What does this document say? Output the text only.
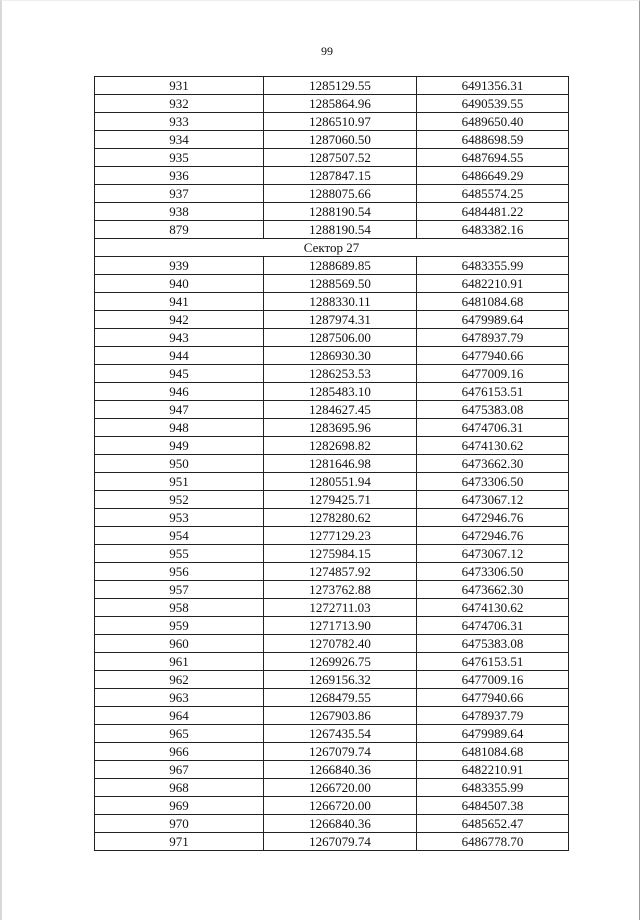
99
931	1285129.55	6491356.31
932	1285864.96	6490539.55
933	1286510.97	6489650.40
934	1287060.50	6488698.59
935	1287507.52	6487694.55
936	1287847.15	6486649.29
937	1288075.66	6485574.25
938	1288190.54	6484481.22
879	1288190.54	6483382.16
Сектор 27		
939	1288689.85	6483355.99
940	1288569.50	6482210.91
941	1288330.11	6481084.68
942	1287974.31	6479989.64
943	1287506.00	6478937.79
944	1286930.30	6477940.66
945	1286253.53	6477009.16
946	1285483.10	6476153.51
947	1284627.45	6475383.08
948	1283695.96	6474706.31
949	1282698.82	6474130.62
950	1281646.98	6473662.30
951	1280551.94	6473306.50
952	1279425.71	6473067.12
953	1278280.62	6472946.76
954	1277129.23	6472946.76
955	1275984.15	6473067.12
956	1274857.92	6473306.50
957	1273762.88	6473662.30
958	1272711.03	6474130.62
959	1271713.90	6474706.31
960	1270782.40	6475383.08
961	1269926.75	6476153.51
962	1269156.32	6477009.16
963	1268479.55	6477940.66
964	1267903.86	6478937.79
965	1267435.54	6479989.64
966	1267079.74	6481084.68
967	1266840.36	6482210.91
968	1266720.00	6483355.99
969	1266720.00	6484507.38
970	1266840.36	6485652.47
971	1267079.74	6486778.70
